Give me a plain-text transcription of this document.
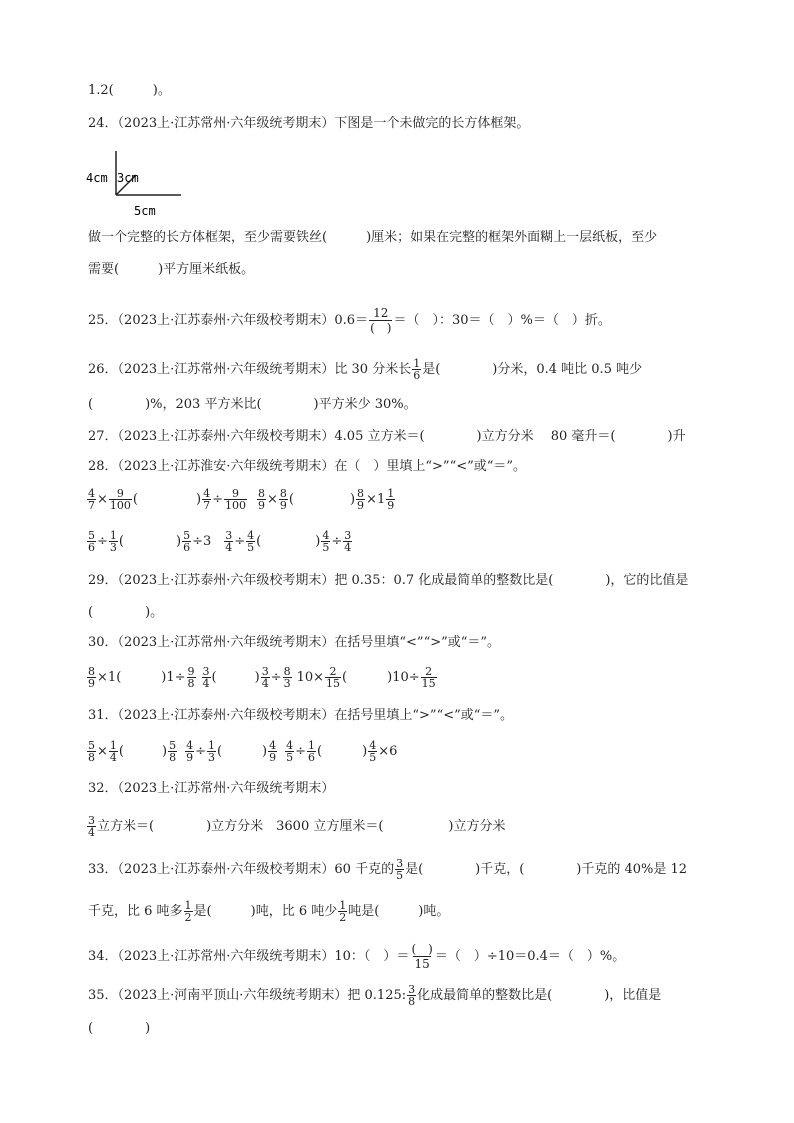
1.2(　　　)。
24．（2023上·江苏常州·六年级统考期末）下图是一个未做完的长方体框架。
4cm 3cm
5cm
做一个完整的长方体框架，至少需要铁丝(　　　)厘米；如果在完整的框架外面糊上一层纸板，至少
需要(　　　)平方厘米纸板。
25．（2023上·江苏泰州·六年级校考期末）0.6＝ 12
(　) ＝（　）：30＝（　）%＝（　）折。
26．（2023上·江苏常州·六年级统考期末）比 30 分米长 $\frac{1}{6}$ 是(　　　　)分米，0.4 吨比 0.5 吨少
(　　　　)%，203 平方米比(　　　　)平方米少 30%。
27．（2023上·江苏泰州·六年级校考期末）4.05 立方米＝(　　　　)立方分米　 80 毫升＝(　　　　)升
28．（2023上·江苏淮安·六年级统考期末）在（　）里填上“>”“<”或“＝”。
$\frac{4}{7} \times \frac{9}{100}$ (	) $\frac{4}{7} \div \frac{9}{100} \frac{8}{9} \times \frac{8}{9}$ (	) $\frac{8}{9} \times 1 \frac{1}{9}$
$\frac{5}{6} \div \frac{1}{3}$ (	) $\frac{5}{6} \div 3 \frac{3}{4} \div \frac{4}{5}$ (	) $\frac{4}{5} \div \frac{3}{4}$
29．（2023上·江苏泰州·六年级校考期末）把 0.35：0.7 化成最简单的整数比是(　　　　)，它的比值是
(　　　　)。
30．（2023上·江苏常州·六年级统考期末）在括号里填“<”“>”或“＝”。
$\frac{8}{9} \times 1$(	)$1\div \frac{9}{8} \frac{3}{4}$ (	) $\frac{3}{4} \div \frac{8}{3} 10\times \frac{2}{15}$ (	)$10\div \frac{2}{15}$
31．（2023上·江苏泰州·六年级校考期末）在括号里填上“>”“<”或“＝”。
$\frac{5}{8} \times \frac{1}{4}$ (	) $\frac{5}{8} \frac{4}{9} \div \frac{1}{3}$ (	) $\frac{4}{9} \frac{4}{5} \div \frac{1}{6}$ (	) $\frac{4}{5} \times 6$
32．（2023上·江苏常州·六年级统考期末）
$\frac{3}{4}$ 立方米＝(　　　　)立方分米　3600 立方厘米＝(　　　　　)立方分米
33．（2023上·江苏泰州·六年级校考期末）60 千克的 $\frac{3}{5}$ 是(　　　　)千克，(　　　　)千克的 40%是 12
千克，比 6 吨多 $\frac{1}{2}$ 是(　　　)吨，比 6 吨少 $\frac{1}{2}$ 吨是(　　　)吨。
34．（2023上·江苏常州·六年级统考期末）10：（　）＝ (　)
15 ＝（　）÷10＝0.4＝（　）%。
35．（2023上·河南平顶山·六年级统考期末）把 0.125: $\frac{3}{8}$ 化成最简单的整数比是(　　　　)，比值是
(　　　　)
